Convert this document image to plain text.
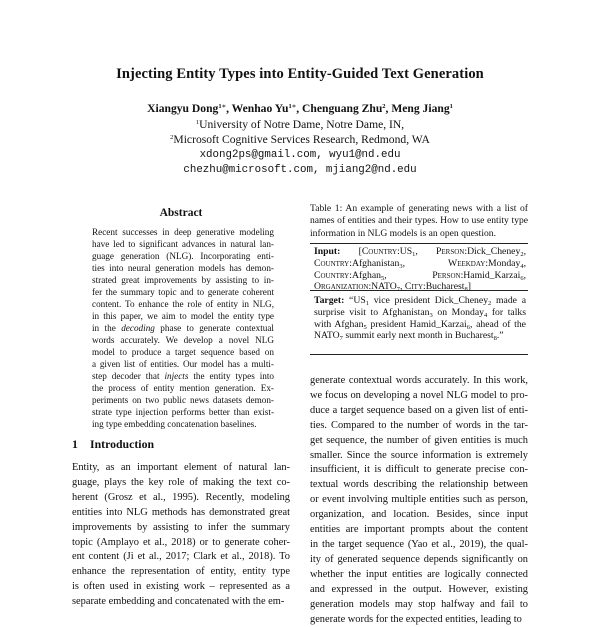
Injecting Entity Types into Entity-Guided Text Generation
Xiangyu Dong$^{1∗}$, Wenhao $Yu^{1∗}$, Chenguang Zhu$^2$, Meng Jiang$^1$
$^1$University of Notre Dame, Notre Dame, IN,
$^2$Microsoft Cognitive Services Research, Redmond, WA
xdong2ps@gmail.com, wyu1@nd.edu
chezhu@microsoft.com, mjiang2@nd.edu
Abstract
Recent successes in deep generative modeling
have led to significant advances in natural lan-
guage generation (NLG). Incorporating enti-
ties into neural generation models has demon-
strated great improvements by assisting to in-
fer the summary topic and to generate coherent
content. To enhance the role of entity in NLG,
in this paper, we aim to model the entity type
in the decoding phase to generate contextual
words accurately. We develop a novel NLG
model to produce a target sequence based on
a given list of entities. Our model has a multi-
step decoder that injects the entity types into
the process of entity mention generation. Ex-
periments on two public news datasets demon-
strate type injection performs better than exist-
ing type embedding concatenation baselines.
1 Introduction
Entity, as an important element of natural lan-
guage, plays the key role of making the text co-
herent (Grosz et al., 1995). Recently, modeling
entities into NLG methods has demonstrated great
improvements by assisting to infer the summary
topic (Amplayo et al., 2018) or to generate coher-
ent content (Ji et al., 2017; Clark et al., 2018). To
enhance the representation of entity, entity type
is often used in existing work – represented as a
separate embedding and concatenated with the em-
Table 1: An example of generating news with a list of names of entities and their types. How to use entity type information in NLG models is an open question.
Input: [$Country:US_1$, Person:Dick_Cheney$_2$, Country:Afghanistan$_3$, Weekday:Monday$_4$, Country:Afghan$_5$, Person:Hamid_Karzai$_6$, $Organization:NATO_7$, City:Bucharest$_8$]
Target: “$US_1$ vice president Dick_Cheney$_2$ made a surprise visit to Afghanistan$_3$ on Monday$_4$ for talks with Afghan$_5$ president Hamid_Karzai$_6$, ahead of the $NATO_7$ summit early next month in Bucharest$_8$.”
generate contextual words accurately. In this work,
we focus on developing a novel NLG model to pro-
duce a target sequence based on a given list of enti-
ties. Compared to the number of words in the tar-
get sequence, the number of given entities is much
smaller. Since the source information is extremely
insufficient, it is difficult to generate precise con-
textual words describing the relationship between
or event involving multiple entities such as person,
organization, and location. Besides, since input
entities are important prompts about the content
in the target sequence (Yao et al., 2019), the qual-
ity of generated sequence depends significantly on
whether the input entities are logically connected
and expressed in the output. However, existing
generation models may stop halfway and fail to
generate words for the expected entities, leading to
